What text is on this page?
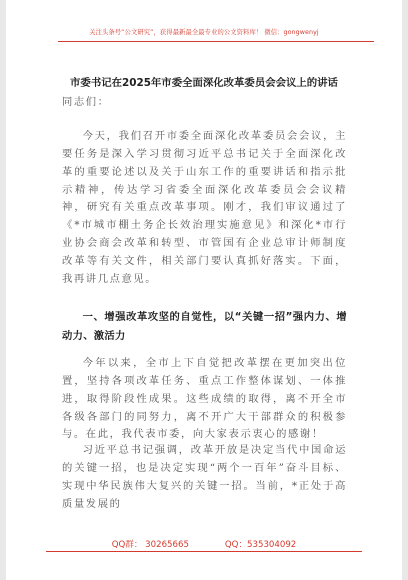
关注头条号“公文研究”，获得最新最全最专业的公文资料库！ 微信：gongwenyj
市委书记在2025年市委全面深化改革委员会会议上的讲话
同志们：

今天，我们召开市委全面深化改革委员会会议，主要任务是深入学习贯彻习近平总书记关于全面深化改革的重要论述以及关于山东工作的重要讲话和指示批示精神，传达学习省委全面深化改革委员会会议精神，研究有关重点改革事项。刚才，我们审议通过了《*市城市棚土务企长效治理实施意见》和深化*市行业协会商会改革和转型、市管国有企业总审计师制度改革等有关文件，相关部门要认真抓好落实。下面，我再讲几点意见。

一、增强改革攻坚的自觉性，以“关键一招”强内力、增动力、激活力

今年以来，全市上下自觉把改革摆在更加突出位置，坚持各项改革任务、重点工作整体谋划、一体推进，取得阶段性成果。这些成绩的取得，离不开全市各级各部门的同努力，离不开广大干部群众的积极参与。在此，我代表市委，向大家表示衷心的感谢！

习近平总书记强调，改革开放是决定当代中国命运的关键一招，也是决定实现“两个一百年”奋斗目标、实现中华民族伟大复兴的关键一招。当前，*正处于高质量发展的

QQ群： 30265665	QQ：535304092
